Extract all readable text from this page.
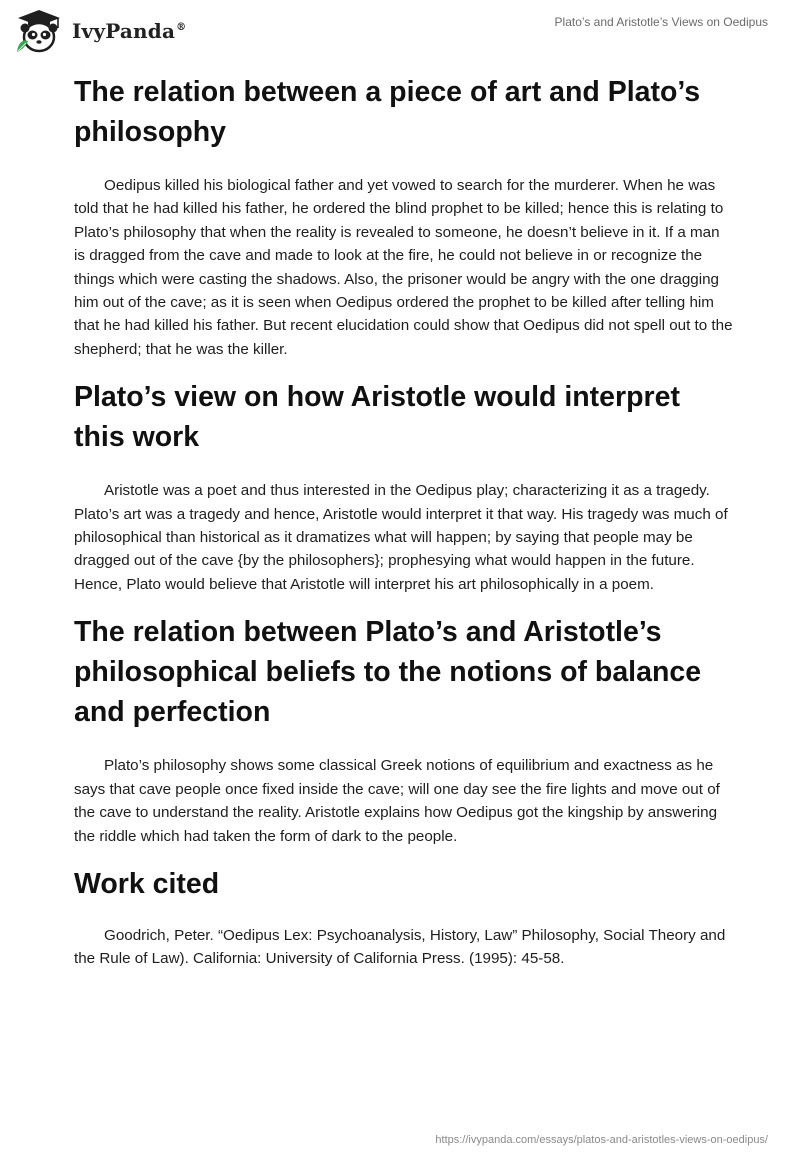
IvyPanda®	Plato’s and Aristotle’s Views on Oedipus
The relation between a piece of art and Plato’s philosophy

Oedipus killed his biological father and yet vowed to search for the murderer. When he was told that he had killed his father, he ordered the blind prophet to be killed; hence this is relating to Plato’s philosophy that when the reality is revealed to someone, he doesn’t believe in it. If a man is dragged from the cave and made to look at the fire, he could not believe in or recognize the things which were casting the shadows. Also, the prisoner would be angry with the one dragging him out of the cave; as it is seen when Oedipus ordered the prophet to be killed after telling him that he had killed his father. But recent elucidation could show that Oedipus did not spell out to the shepherd; that he was the killer.

Plato’s view on how Aristotle would interpret this work

Aristotle was a poet and thus interested in the Oedipus play; characterizing it as a tragedy. Plato’s art was a tragedy and hence, Aristotle would interpret it that way. His tragedy was much of philosophical than historical as it dramatizes what will happen; by saying that people may be dragged out of the cave {by the philosophers}; prophesying what would happen in the future. Hence, Plato would believe that Aristotle will interpret his art philosophically in a poem.

The relation between Plato’s and Aristotle’s philosophical beliefs to the notions of balance and perfection

Plato’s philosophy shows some classical Greek notions of equilibrium and exactness as he says that cave people once fixed inside the cave; will one day see the fire lights and move out of the cave to understand the reality. Aristotle explains how Oedipus got the kingship by answering the riddle which had taken the form of dark to the people.

Work cited

Goodrich, Peter. “Oedipus Lex: Psychoanalysis, History, Law” Philosophy, Social Theory and the Rule of Law). California: University of California Press. (1995): 45-58.

https://ivypanda.com/essays/platos-and-aristotles-views-on-oedipus/
